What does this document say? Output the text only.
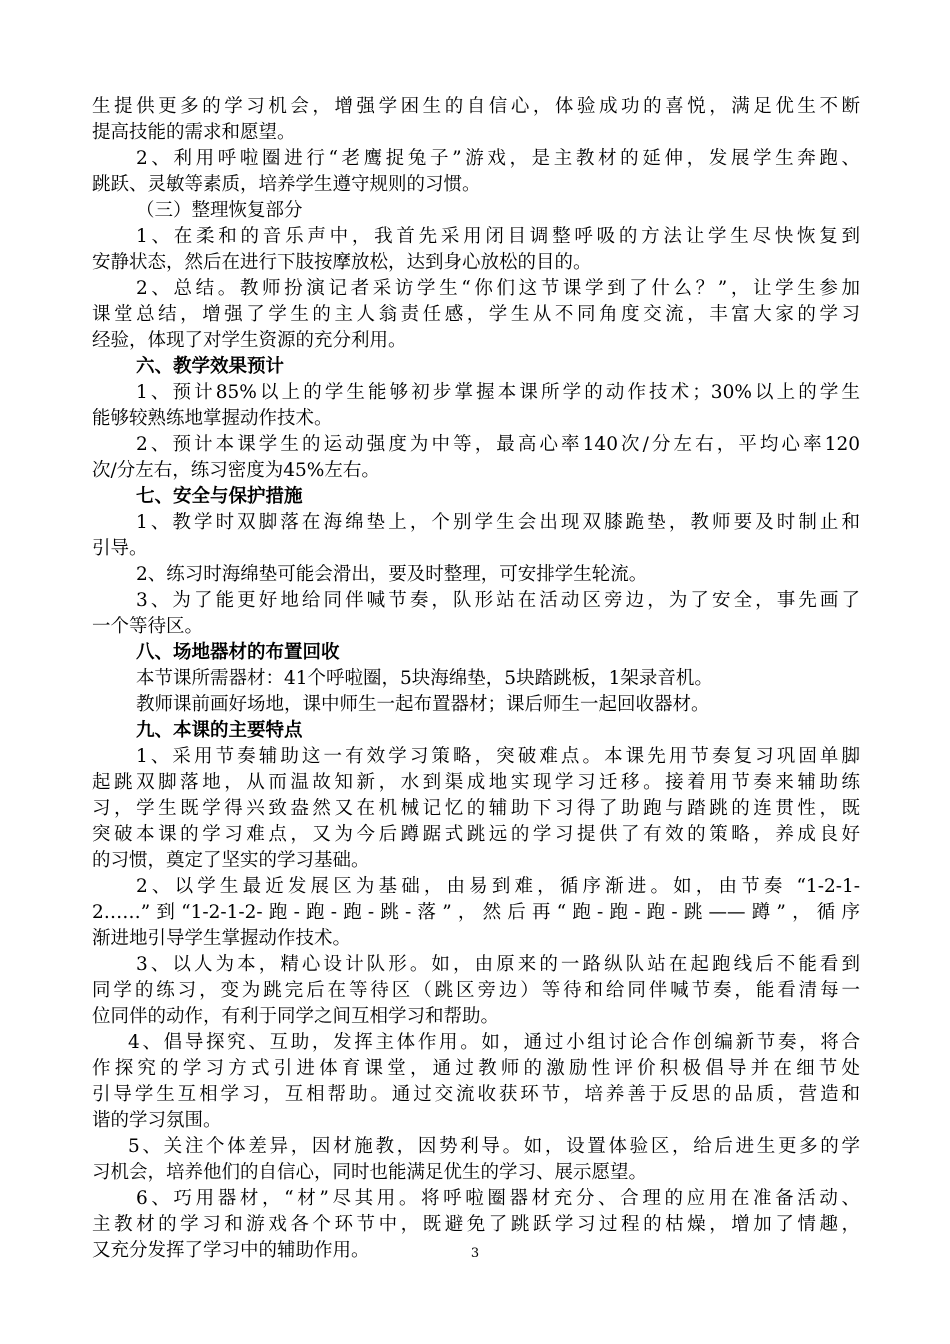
生提供更多的学习机会，增强学困生的自信心，体验成功的喜悦，满足优生不断
提高技能的需求和愿望。
2、利用呼啦圈进行“老鹰捉兔子”游戏，是主教材的延伸，发展学生奔跑、
跳跃、灵敏等素质，培养学生遵守规则的习惯。
（三）整理恢复部分
1、在柔和的音乐声中，我首先采用闭目调整呼吸的方法让学生尽快恢复到
安静状态，然后在进行下肢按摩放松，达到身心放松的目的。
2、总结。教师扮演记者采访学生“你们这节课学到了什么？”，让学生参加
课堂总结，增强了学生的主人翁责任感，学生从不同角度交流，丰富大家的学习
经验，体现了对学生资源的充分利用。
六、教学效果预计
1、预计85%以上的学生能够初步掌握本课所学的动作技术；30%以上的学生
能够较熟练地掌握动作技术。
2、预计本课学生的运动强度为中等，最高心率140次/分左右，平均心率120
次/分左右，练习密度为45%左右。
七、安全与保护措施
1、教学时双脚落在海绵垫上，个别学生会出现双膝跪垫，教师要及时制止和
引导。
2、练习时海绵垫可能会滑出，要及时整理，可安排学生轮流。
3、为了能更好地给同伴喊节奏，队形站在活动区旁边，为了安全，事先画了
一个等待区。
八、场地器材的布置回收
本节课所需器材：41个呼啦圈，5块海绵垫，5块踏跳板，1架录音机。
教师课前画好场地，课中师生一起布置器材；课后师生一起回收器材。
九、本课的主要特点
1、采用节奏辅助这一有效学习策略，突破难点。本课先用节奏复习巩固单脚
起跳双脚落地，从而温故知新，水到渠成地实现学习迁移。接着用节奏来辅助练
习，学生既学得兴致盎然又在机械记忆的辅助下习得了助跑与踏跳的连贯性，既
突破本课的学习难点，又为今后蹲踞式跳远的学习提供了有效的策略，养成良好
的习惯，奠定了坚实的学习基础。
2、以学生最近发展区为基础，由易到难，循序渐进。如，由节奏 “1-2-1-
2……”到“1-2-1-2-跑-跑-跑-跳-落”，然后再“跑-跑-跑-跳——蹲”，循序
渐进地引导学生掌握动作技术。
3、以人为本，精心设计队形。如，由原来的一路纵队站在起跑线后不能看到
同学的练习，变为跳完后在等待区（跳区旁边）等待和给同伴喊节奏，能看清每一
位同伴的动作，有利于同学之间互相学习和帮助。
4、倡导探究、互助，发挥主体作用。如，通过小组讨论合作创编新节奏，将合
作探究的学习方式引进体育课堂，通过教师的激励性评价积极倡导并在细节处
引导学生互相学习，互相帮助。通过交流收获环节，培养善于反思的品质，营造和
谐的学习氛围。
5、关注个体差异，因材施教，因势利导。如，设置体验区，给后进生更多的学
习机会，培养他们的自信心，同时也能满足优生的学习、展示愿望。
6、巧用器材，“材”尽其用。将呼啦圈器材充分、合理的应用在准备活动、
主教材的学习和游戏各个环节中，既避免了跳跃学习过程的枯燥，增加了情趣，
又充分发挥了学习中的辅助作用。	3
